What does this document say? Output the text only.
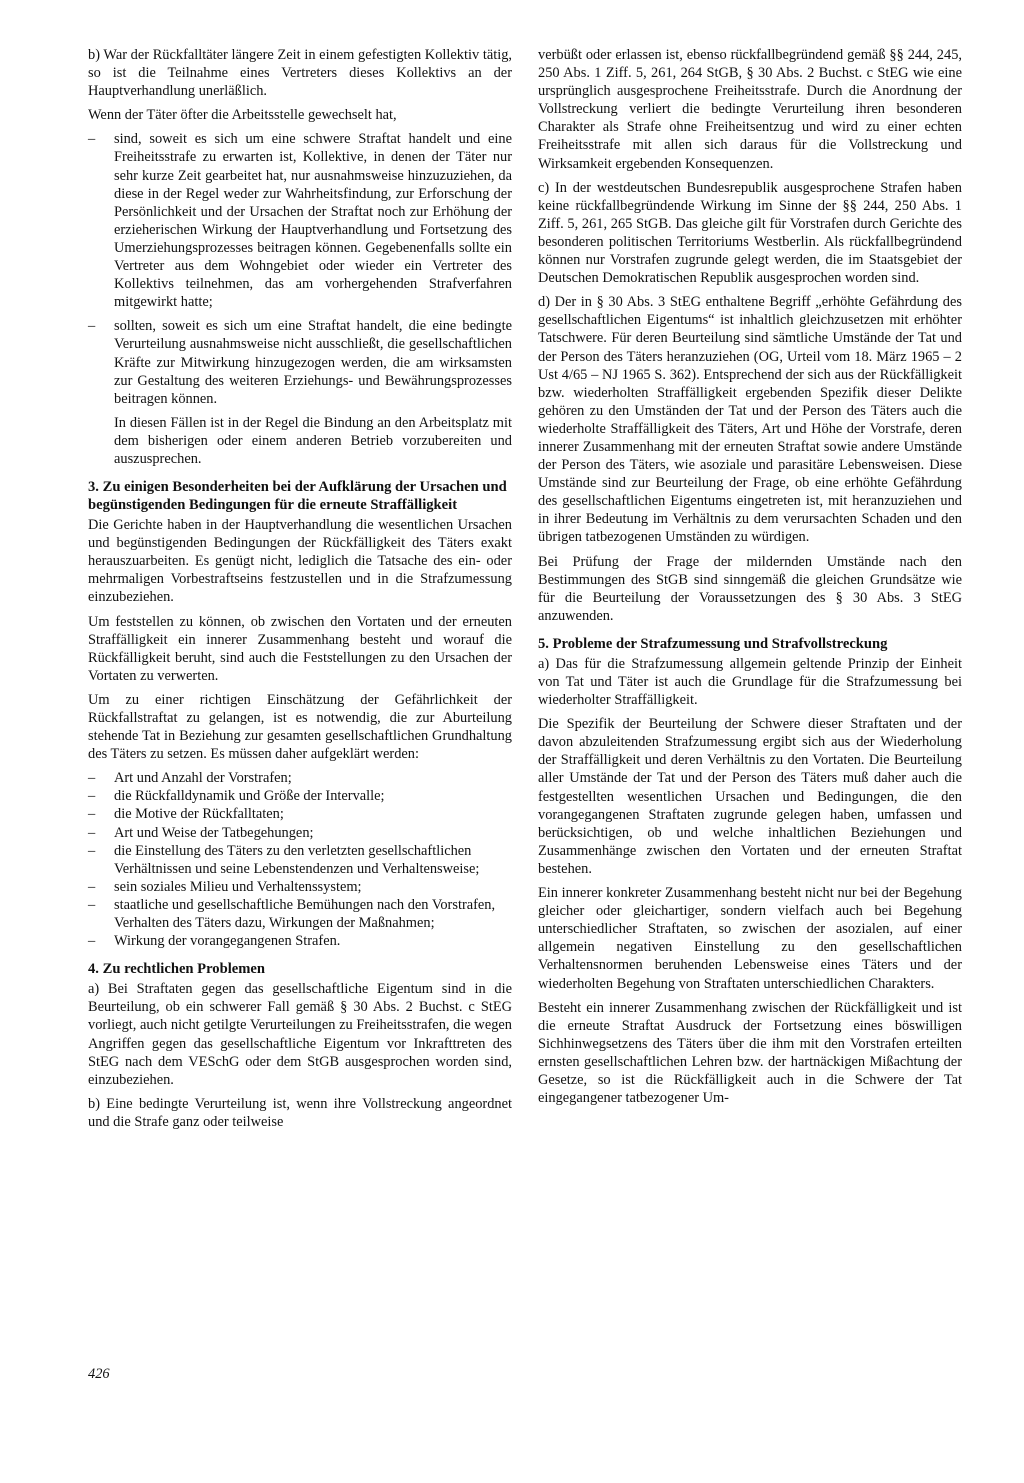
b) War der Rückfalltäter längere Zeit in einem gefestigten Kollektiv tätig, so ist die Teilnahme eines Vertreters dieses Kollektivs an der Hauptverhandlung unerläßlich.

Wenn der Täter öfter die Arbeitsstelle gewechselt hat,

– sind, soweit es sich um eine schwere Straftat handelt und eine Freiheitsstrafe zu erwarten ist, Kollektive, in denen der Täter nur sehr kurze Zeit gearbeitet hat, nur ausnahmsweise hinzuzuziehen, da diese in der Regel weder zur Wahrheitsfindung, zur Erforschung der Persönlichkeit und der Ursachen der Straftat noch zur Erhöhung der erzieherischen Wirkung der Hauptverhandlung und Fortsetzung des Umerziehungsprozesses beitragen können. Gegebenenfalls sollte ein Vertreter aus dem Wohngebiet oder wieder ein Vertreter des Kollektivs teilnehmen, das am vorhergehenden Strafverfahren mitgewirkt hatte;
– sollten, soweit es sich um eine Straftat handelt, die eine bedingte Verurteilung ausnahmsweise nicht ausschließt, die gesellschaftlichen Kräfte zur Mitwirkung hinzugezogen werden, die am wirksamsten zur Gestaltung des weiteren Erziehungs- und Bewährungsprozesses beitragen können.

In diesen Fällen ist in der Regel die Bindung an den Arbeitsplatz mit dem bisherigen oder einem anderen Betrieb vorzubereiten und auszusprechen.

3. Zu einigen Besonderheiten bei der Aufklärung der Ursachen und begünstigenden Bedingungen für die erneute Straffälligkeit

Die Gerichte haben in der Hauptverhandlung die wesentlichen Ursachen und begünstigenden Bedingungen der Rückfälligkeit des Täters exakt herauszuarbeiten. Es genügt nicht, lediglich die Tatsache des ein- oder mehrmaligen Vorbestraftseins festzustellen und in die Strafzumessung einzubeziehen.

Um feststellen zu können, ob zwischen den Vortaten und der erneuten Straffälligkeit ein innerer Zusammenhang besteht und worauf die Rückfälligkeit beruht, sind auch die Feststellungen zu den Ursachen der Vortaten zu verwerten.

Um zu einer richtigen Einschätzung der Gefährlichkeit der Rückfallstraftat zu gelangen, ist es notwendig, die zur Aburteilung stehende Tat in Beziehung zur gesamten gesellschaftlichen Grundhaltung des Täters zu setzen. Es müssen daher aufgeklärt werden:

– Art und Anzahl der Vorstrafen;
– die Rückfalldynamik und Größe der Intervalle;
– die Motive der Rückfalltaten;
– Art und Weise der Tatbegehungen;
– die Einstellung des Täters zu den verletzten gesellschaftlichen Verhältnissen und seine Lebenstendenzen und Verhaltensweise;
– sein soziales Milieu und Verhaltenssystem;
– staatliche und gesellschaftliche Bemühungen nach den Vorstrafen, Verhalten des Täters dazu, Wirkungen der Maßnahmen;
– Wirkung der vorangegangenen Strafen.
4. Zu rechtlichen Problemen

a) Bei Straftaten gegen das gesellschaftliche Eigentum sind in die Beurteilung, ob ein schwerer Fall gemäß § 30 Abs. 2 Buchst. c StEG vorliegt, auch nicht getilgte Verurteilungen zu Freiheitsstrafen, die wegen Angriffen gegen das gesellschaftliche Eigentum vor Inkrafttreten des StEG nach dem VESchG oder dem StGB ausgesprochen worden sind, einzubeziehen.

b) Eine bedingte Verurteilung ist, wenn ihre Vollstreckung angeordnet und die Strafe ganz oder teilweise

verbüßt oder erlassen ist, ebenso rückfallbegründend gemäß §§ 244, 245, 250 Abs. 1 Ziff. 5, 261, 264 StGB, § 30 Abs. 2 Buchst. c StEG wie eine ursprünglich ausgesprochene Freiheitsstrafe. Durch die Anordnung der Vollstreckung verliert die bedingte Verurteilung ihren besonderen Charakter als Strafe ohne Freiheitsentzug und wird zu einer echten Freiheitsstrafe mit allen sich daraus für die Vollstreckung und Wirksamkeit ergebenden Konsequenzen.

c) In der westdeutschen Bundesrepublik ausgesprochene Strafen haben keine rückfallbegründende Wirkung im Sinne der §§ 244, 250 Abs. 1 Ziff. 5, 261, 265 StGB. Das gleiche gilt für Vorstrafen durch Gerichte des besonderen politischen Territoriums Westberlin. Als rückfallbegründend können nur Vorstrafen zugrunde gelegt werden, die im Staatsgebiet der Deutschen Demokratischen Republik ausgesprochen worden sind.

d) Der in § 30 Abs. 3 StEG enthaltene Begriff „erhöhte Gefährdung des gesellschaftlichen Eigentums“ ist inhaltlich gleichzusetzen mit erhöhter Tatschwere. Für deren Beurteilung sind sämtliche Umstände der Tat und der Person des Täters heranzuziehen (OG, Urteil vom 18. März 1965 – 2 Ust 4/65 – NJ 1965 S. 362). Entsprechend der sich aus der Rückfälligkeit bzw. wiederholten Straffälligkeit ergebenden Spezifik dieser Delikte gehören zu den Umständen der Tat und der Person des Täters auch die wiederholte Straffälligkeit des Täters, Art und Höhe der Vorstrafe, deren innerer Zusammenhang mit der erneuten Straftat sowie andere Umstände der Person des Täters, wie asoziale und parasitäre Lebensweisen. Diese Umstände sind zur Beurteilung der Frage, ob eine erhöhte Gefährdung des gesellschaftlichen Eigentums eingetreten ist, mit heranzuziehen und in ihrer Bedeutung im Verhältnis zu dem verursachten Schaden und den übrigen tatbezogenen Umständen zu würdigen.

Bei Prüfung der Frage der mildernden Umstände nach den Bestimmungen des StGB sind sinngemäß die gleichen Grundsätze wie für die Beurteilung der Voraussetzungen des § 30 Abs. 3 StEG anzuwenden.

5. Probleme der Strafzumessung und Strafvollstreckung

a) Das für die Strafzumessung allgemein geltende Prinzip der Einheit von Tat und Täter ist auch die Grundlage für die Strafzumessung bei wiederholter Straffälligkeit.

Die Spezifik der Beurteilung der Schwere dieser Straftaten und der davon abzuleitenden Strafzumessung ergibt sich aus der Wiederholung der Straffälligkeit und deren Verhältnis zu den Vortaten. Die Beurteilung aller Umstände der Tat und der Person des Täters muß daher auch die festgestellten wesentlichen Ursachen und Bedingungen, die den vorangegangenen Straftaten zugrunde gelegen haben, umfassen und berücksichtigen, ob und welche inhaltlichen Beziehungen und Zusammenhänge zwischen den Vortaten und der erneuten Straftat bestehen.

Ein innerer konkreter Zusammenhang besteht nicht nur bei der Begehung gleicher oder gleichartiger, sondern vielfach auch bei Begehung unterschiedlicher Straftaten, so zwischen der asozialen, auf einer allgemein negativen Einstellung zu den gesellschaftlichen Verhaltensnormen beruhenden Lebensweise eines Täters und der wiederholten Begehung von Straftaten unterschiedlichen Charakters.

Besteht ein innerer Zusammenhang zwischen der Rückfälligkeit und ist die erneute Straftat Ausdruck der Fortsetzung eines böswilligen Sichhinwegsetzens des Täters über die ihm mit den Vorstrafen erteilten ernsten gesellschaftlichen Lehren bzw. der hartnäckigen Mißachtung der Gesetze, so ist die Rückfälligkeit auch in die Schwere der Tat eingegangener tatbezogener Um-

426
